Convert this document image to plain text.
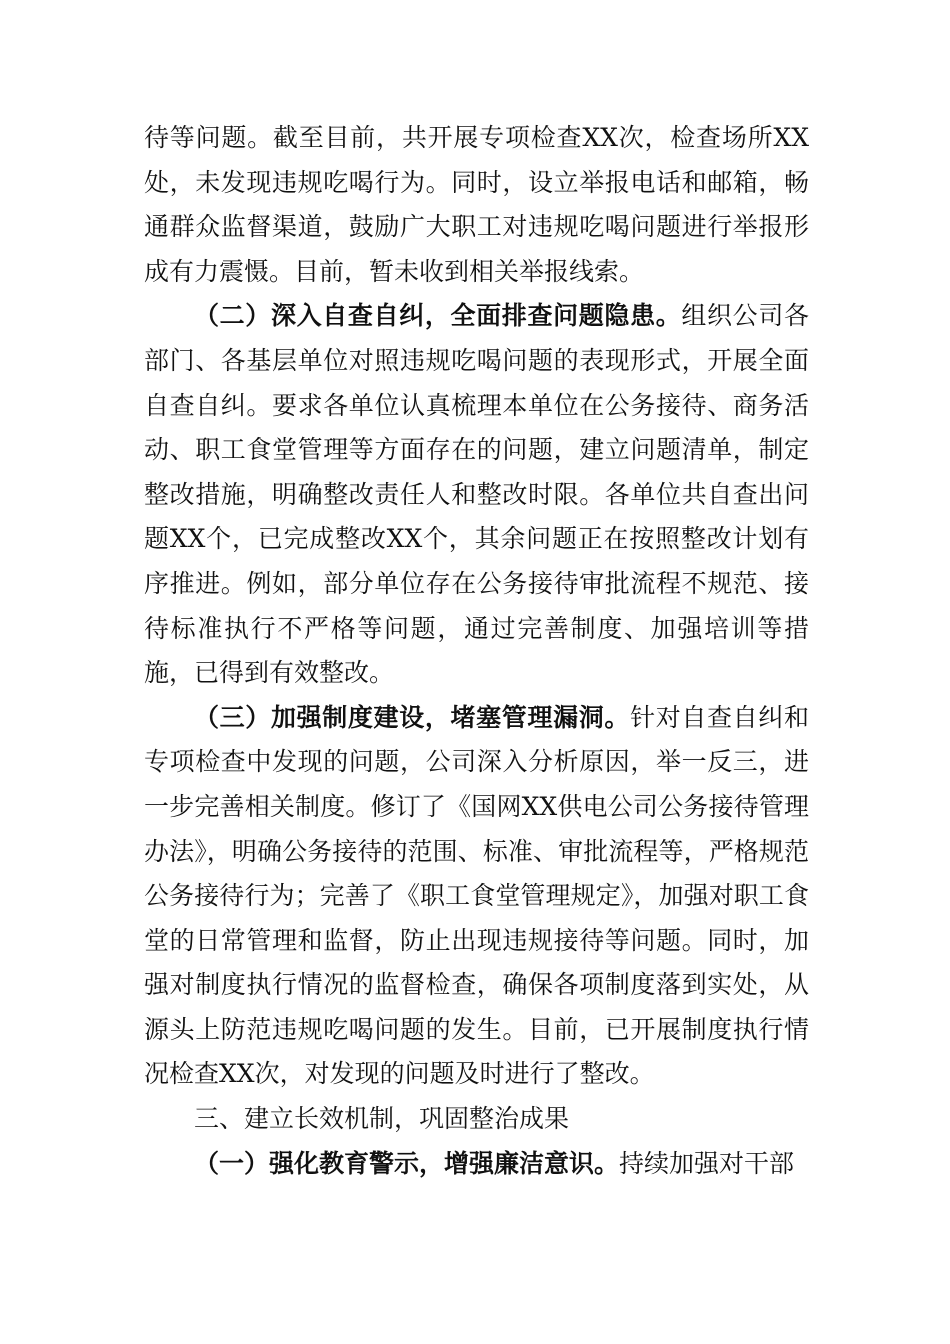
待等问题。截至目前，共开展专项检查XX次，检查场所XX处，未发现违规吃喝行为。同时，设立举报电话和邮箱，畅通群众监督渠道，鼓励广大职工对违规吃喝问题进行举报形成有力震慑。目前，暂未收到相关举报线索。

（二）深入自查自纠，全面排查问题隐患。组织公司各部门、各基层单位对照违规吃喝问题的表现形式，开展全面自查自纠。要求各单位认真梳理本单位在公务接待、商务活动、职工食堂管理等方面存在的问题，建立问题清单，制定整改措施，明确整改责任人和整改时限。各单位共自查出问题XX个，已完成整改XX个，其余问题正在按照整改计划有序推进。例如，部分单位存在公务接待审批流程不规范、接待标准执行不严格等问题，通过完善制度、加强培训等措施，已得到有效整改。

（三）加强制度建设，堵塞管理漏洞。针对自查自纠和专项检查中发现的问题，公司深入分析原因，举一反三，进一步完善相关制度。修订了《国网XX供电公司公务接待管理办法》，明确公务接待的范围、标准、审批流程等，严格规范公务接待行为；完善了《职工食堂管理规定》，加强对职工食堂的日常管理和监督，防止出现违规接待等问题。同时，加强对制度执行情况的监督检查，确保各项制度落到实处，从源头上防范违规吃喝问题的发生。目前，已开展制度执行情况检查XX次，对发现的问题及时进行了整改。

三、建立长效机制，巩固整治成果

（一）强化教育警示，增强廉洁意识。持续加强对干部
